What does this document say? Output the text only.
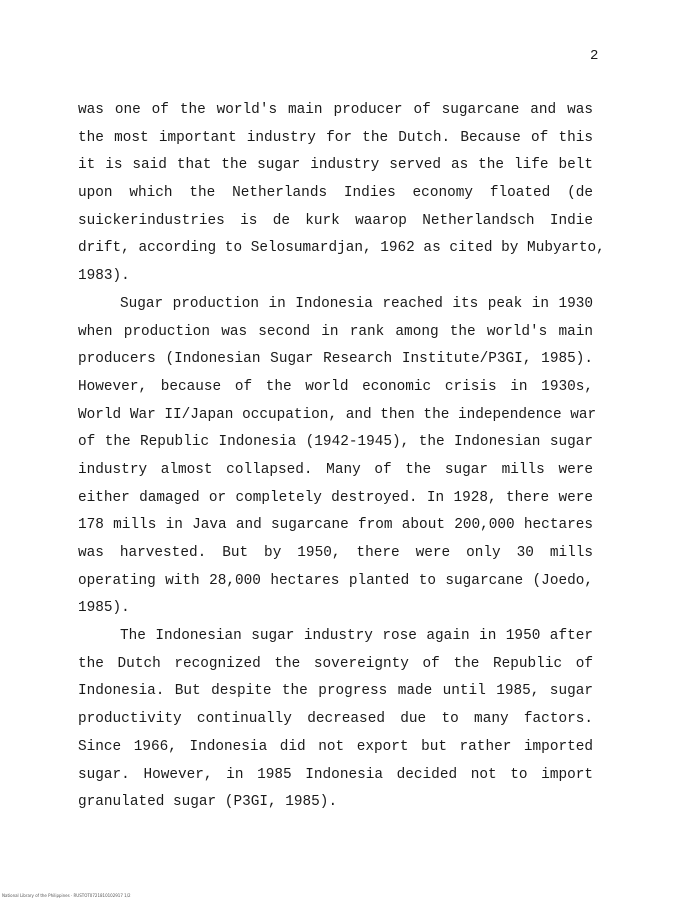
2
was one of the world's main producer of sugarcane and was
the most important industry for the Dutch. Because of this
it is said that the sugar industry served as the life belt
upon which the Netherlands Indies economy floated (de
suickerindustries is de kurk waarop Netherlandsch Indie
drift, according to Selosumardjan, 1962 as cited by Mubyarto,
1983).
Sugar production in Indonesia reached its peak in 1930
when production was second in rank among the world's main
producers (Indonesian Sugar Research Institute/P3GI, 1985).
However, because of the world economic crisis in 1930s,
World War II/Japan occupation, and then the independence war
of the Republic Indonesia (1942-1945), the Indonesian sugar
industry almost collapsed. Many of the sugar mills were
either damaged or completely destroyed. In 1928, there were
178 mills in Java and sugarcane from about 200,000 hectares
was harvested. But by 1950, there were only 30 mills
operating with 28,000 hectares planted to sugarcane (Joedo,
1985).
The Indonesian sugar industry rose again in 1950 after
the Dutch recognized the sovereignty of the Republic of
Indonesia. But despite the progress made until 1985, sugar
productivity continually decreased due to many factors.
Since 1966, Indonesia did not export but rather imported
sugar. However, in 1985 Indonesia decided not to import
granulated sugar (P3GI, 1985).
National Library of the Philippines · RUSTOT0721810102917 1/2
